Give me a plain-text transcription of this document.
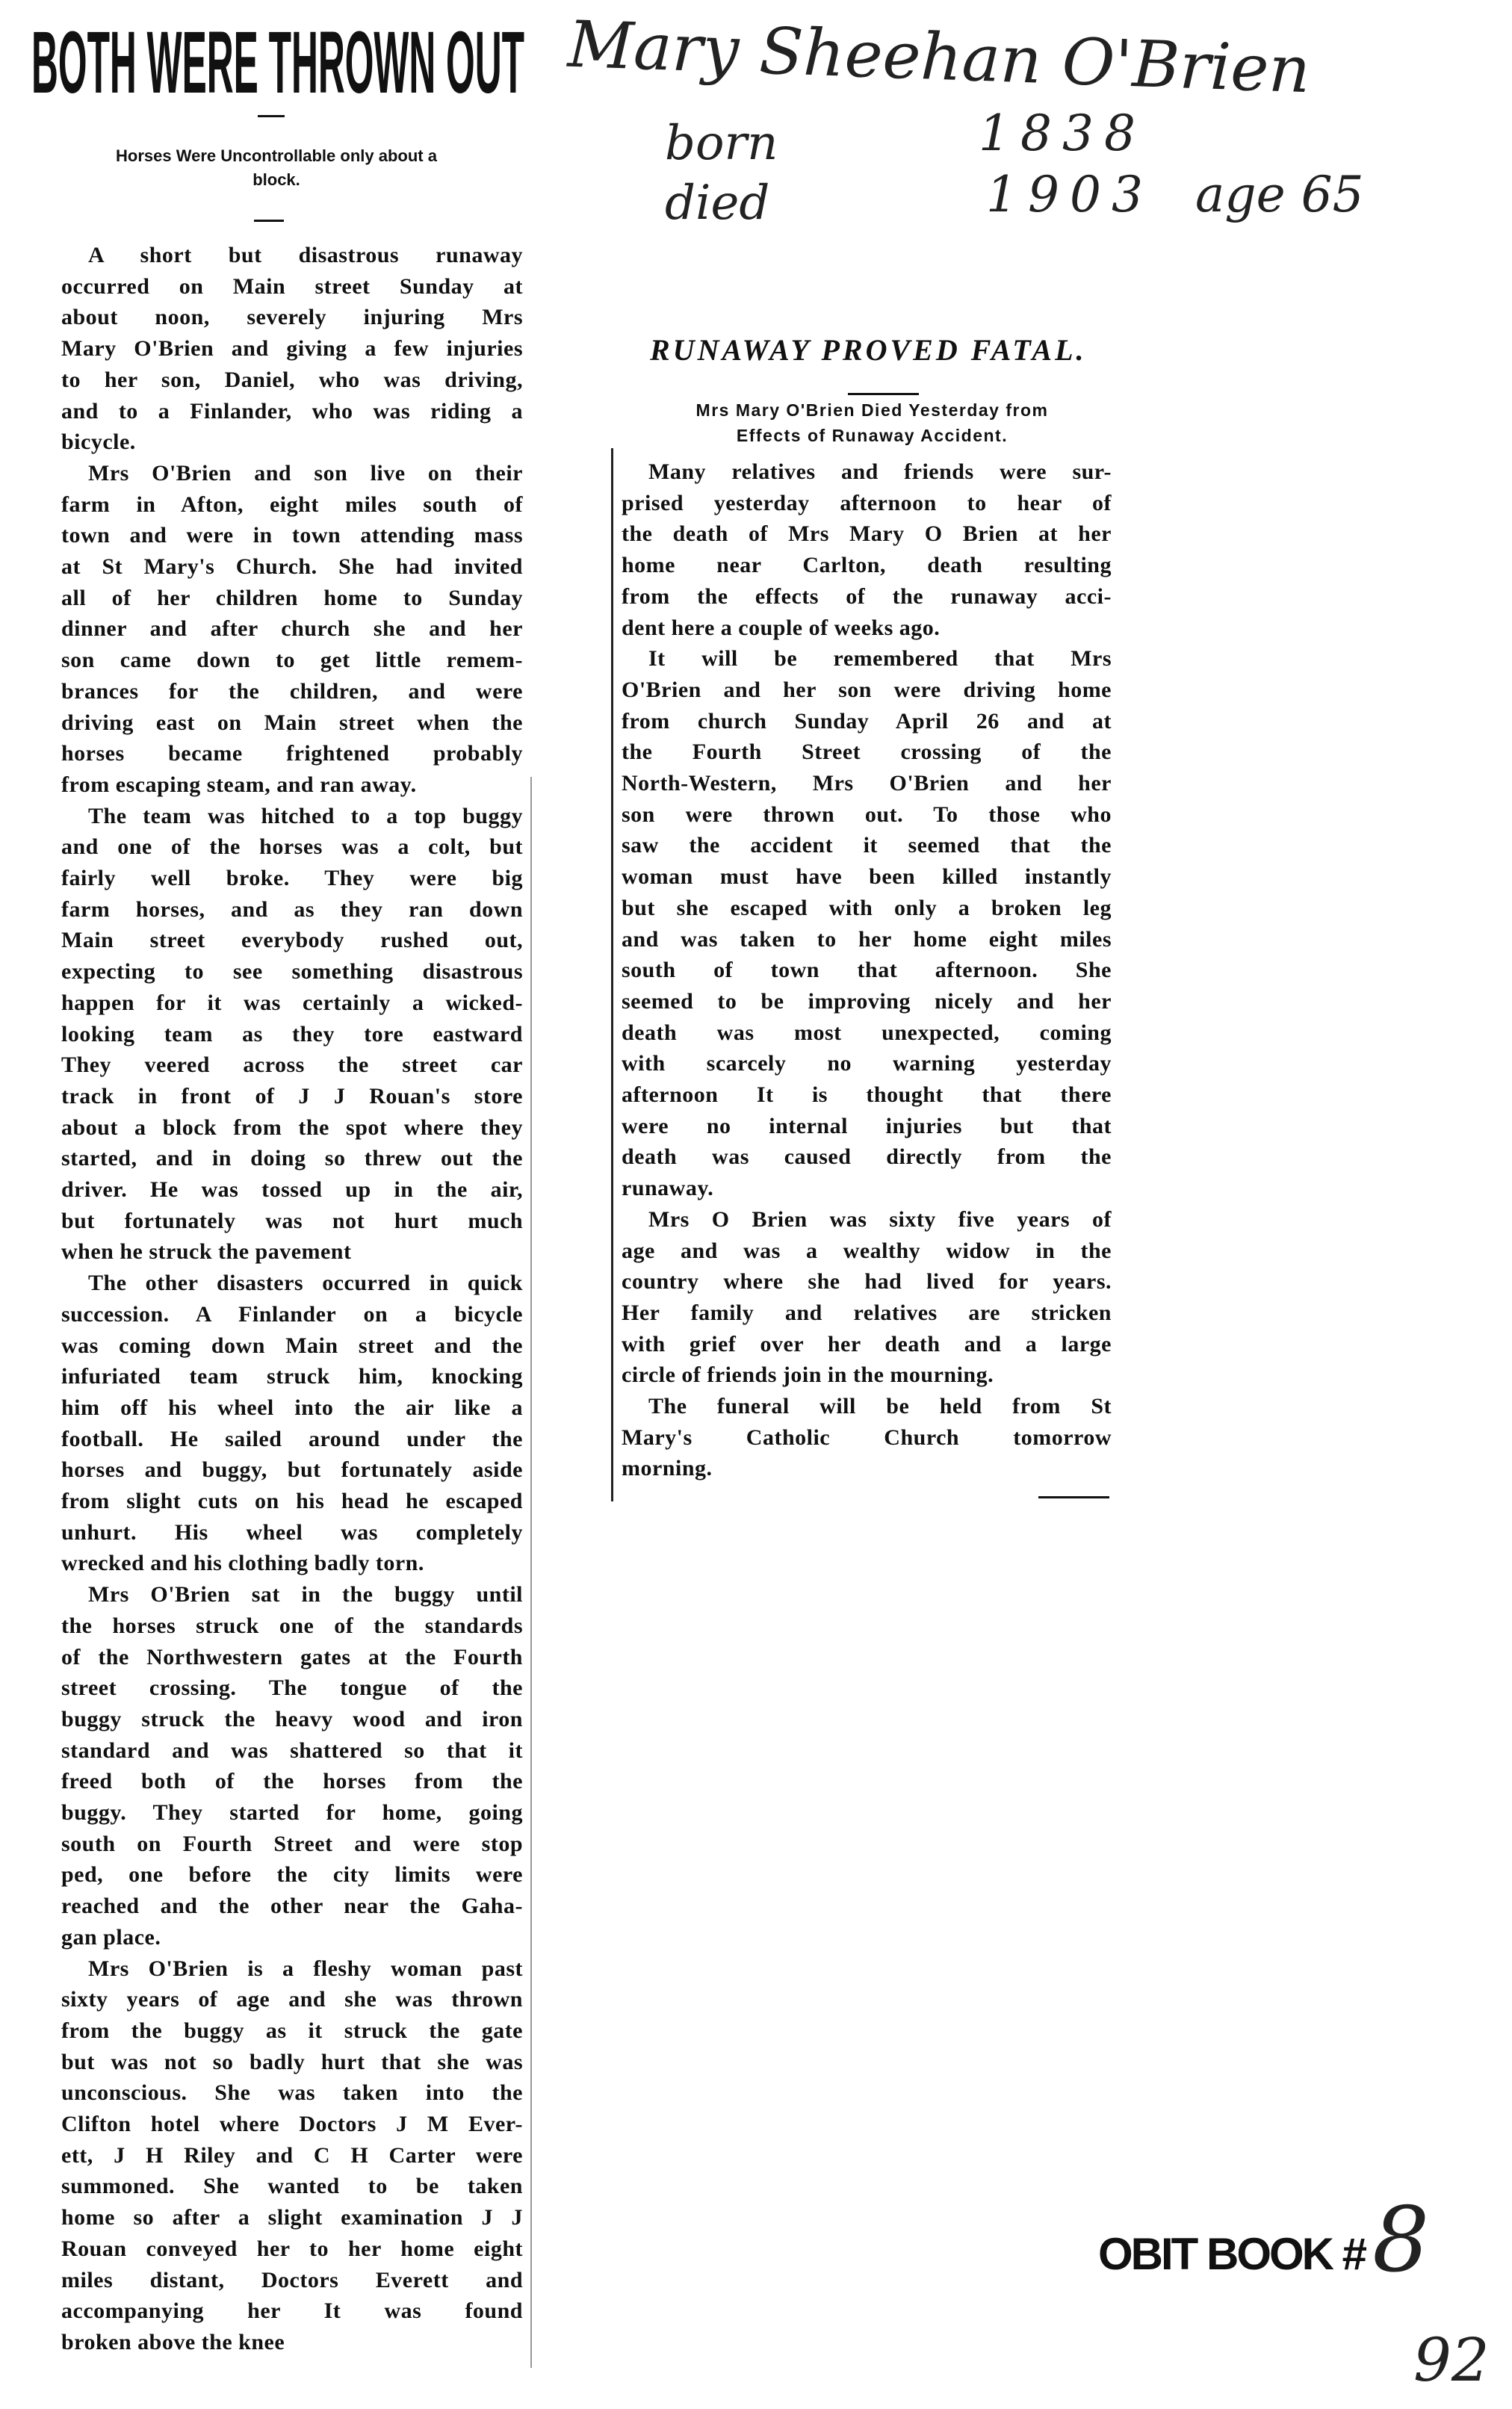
Mary Sheehan O'Brien
born	1838
died	1903 age 65
BOTH WERE THROWN OUT
Horses Were Uncontrollable only about a
block.
A short but disastrous runaway
occurred on Main street Sunday at
about noon, severely injuring Mrs
Mary O'Brien and giving a few injuries
to her son, Daniel, who was driving,
and to a Finlander, who was riding a
bicycle.
Mrs O'Brien and son live on their
farm in Afton, eight miles south of
town and were in town attending mass
at St Mary's Church. She had invited
all of her children home to Sunday
dinner and after church she and her
son came down to get little remem-
brances for the children, and were
driving east on Main street when the
horses became frightened probably
from escaping steam, and ran away.
The team was hitched to a top buggy
and one of the horses was a colt, but
fairly well broke. They were big
farm horses, and as they ran down
Main street everybody rushed out,
expecting to see something disastrous
happen for it was certainly a wicked-
looking team as they tore eastward
They veered across the street car
track in front of J J Rouan's store
about a block from the spot where they
started, and in doing so threw out the
driver. He was tossed up in the air,
but fortunately was not hurt much
when he struck the pavement
The other disasters occurred in quick
succession. A Finlander on a bicycle
was coming down Main street and the
infuriated team struck him, knocking
him off his wheel into the air like a
football. He sailed around under the
horses and buggy, but fortunately aside
from slight cuts on his head he escaped
unhurt. His wheel was completely
wrecked and his clothing badly torn.
Mrs O'Brien sat in the buggy until
the horses struck one of the standards
of the Northwestern gates at the Fourth
street crossing. The tongue of the
buggy struck the heavy wood and iron
standard and was shattered so that it
freed both of the horses from the
buggy. They started for home, going
south on Fourth Street and were stop
ped, one before the city limits were
reached and the other near the Gaha-
gan place.
Mrs O'Brien is a fleshy woman past
sixty years of age and she was thrown
from the buggy as it struck the gate
but was not so badly hurt that she was
unconscious. She was taken into the
Clifton hotel where Doctors J M Ever-
ett, J H Riley and C H Carter were
summoned. She wanted to be taken
home so after a slight examination J J
Rouan conveyed her to her home eight
miles distant, Doctors Everett and
accompanying her It was found
broken above the knee
RUNAWAY PROVED FATAL.
Mrs Mary O'Brien Died Yesterday from
Effects of Runaway Accident.
Many relatives and friends were sur-
prised yesterday afternoon to hear of
the death of Mrs Mary O Brien at her
home near Carlton, death resulting
from the effects of the runaway acci-
dent here a couple of weeks ago.
It will be remembered that Mrs
O'Brien and her son were driving home
from church Sunday April 26 and at
the Fourth Street crossing of the
North-Western, Mrs O'Brien and her
son were thrown out. To those who
saw the accident it seemed that the
woman must have been killed instantly
but she escaped with only a broken leg
and was taken to her home eight miles
south of town that afternoon. She
seemed to be improving nicely and her
death was most unexpected, coming
with scarcely no warning yesterday
afternoon It is thought that there
were no internal injuries but that
death was caused directly from the
runaway.
Mrs O Brien was sixty five years of
age and was a wealthy widow in the
country where she had lived for years.
Her family and relatives are stricken
with grief over her death and a large
circle of friends join in the mourning.
The funeral will be held from St
Mary's Catholic Church tomorrow
morning.
OBIT BOOK # 8
92
